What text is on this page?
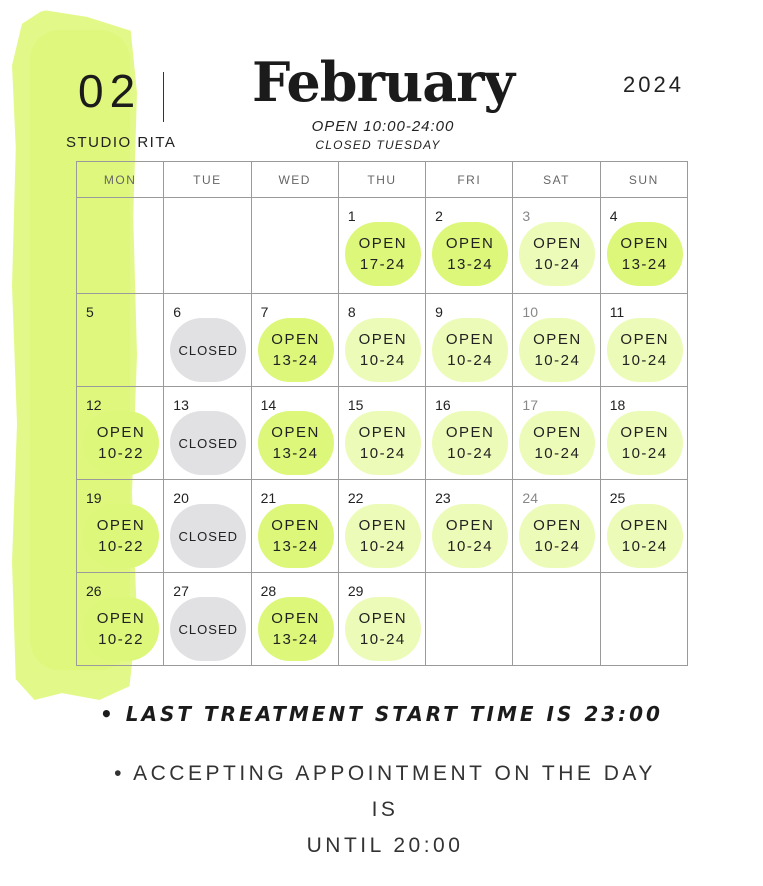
02
STUDIO RITA
February
OPEN 10:00-24:00
CLOSED TUESDAY
2024
MON	TUE	WED	THU	FRI	SAT	SUN

			1
OPEN
17-24	2
OPEN
13-24	3
OPEN
10-24	4
OPEN
13-24

5	6
CLOSED	7
OPEN
13-24	8
OPEN
10-24	9
OPEN
10-24	10
OPEN
10-24	11
OPEN
10-24

12
OPEN
10-22	13
CLOSED	14
OPEN
13-24	15
OPEN
10-24	16
OPEN
10-24	17
OPEN
10-24	18
OPEN
10-24

19
OPEN
10-22	20
CLOSED	21
OPEN
13-24	22
OPEN
10-24	23
OPEN
10-24	24
OPEN
10-24	25
OPEN
10-24

26
OPEN
10-22	27
CLOSED	28
OPEN
13-24	29
OPEN
10-24			

• LAST TREATMENT START TIME IS 23:00
• ACCEPTING APPOINTMENT ON THE DAY IS
UNTIL 20:00
